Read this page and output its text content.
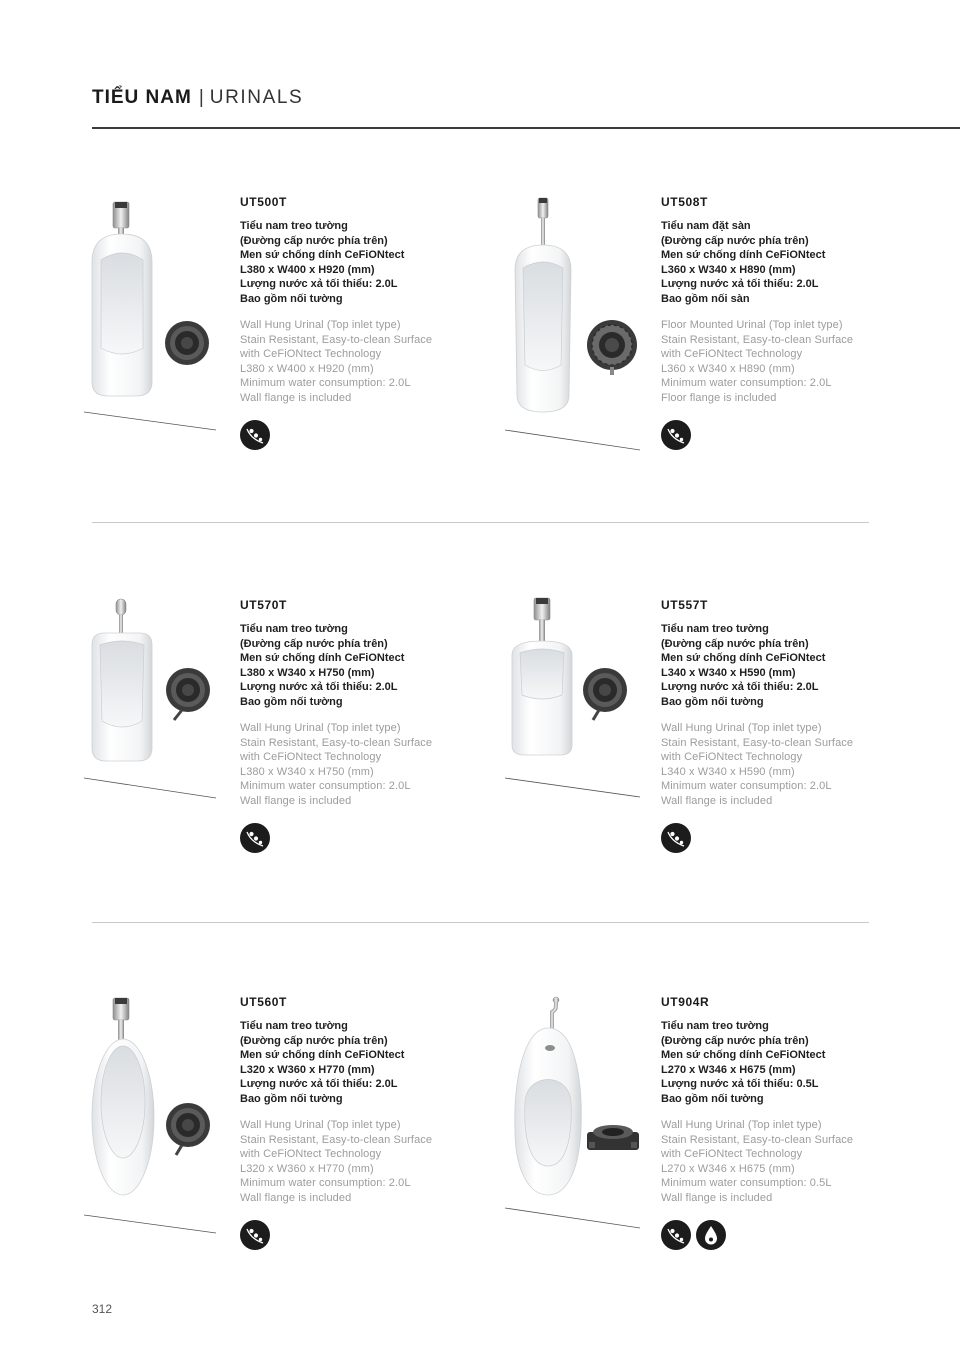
TIỂU NAM | URINALS
UT500T
Tiểu nam treo tường
(Đường cấp nước phía trên)
Men sứ chống dính CeFiONtect
L380 x W400 x H920 (mm)
Lượng nước xả tối thiểu: 2.0L
Bao gồm nối tường
Wall Hung Urinal (Top inlet type)
Stain Resistant, Easy-to-clean Surface
with CeFiONtect Technology
L380 x W400 x H920 (mm)
Minimum water consumption: 2.0L
Wall flange is included
UT508T
Tiểu nam đặt sàn
(Đường cấp nước phía trên)
Men sứ chống dính CeFiONtect
L360 x W340 x H890 (mm)
Lượng nước xả tối thiểu: 2.0L
Bao gồm nối sàn
Floor Mounted Urinal (Top inlet type)
Stain Resistant, Easy-to-clean Surface
with CeFiONtect Technology
L360 x W340 x H890 (mm)
Minimum water consumption: 2.0L
Floor flange is included
UT570T
Tiểu nam treo tường
(Đường cấp nước phía trên)
Men sứ chống dính CeFiONtect
L380 x W340 x H750 (mm)
Lượng nước xả tối thiểu: 2.0L
Bao gồm nối tường
Wall Hung Urinal (Top inlet type)
Stain Resistant, Easy-to-clean Surface
with CeFiONtect Technology
L380 x W340 x H750 (mm)
Minimum water consumption: 2.0L
Wall flange is included
UT557T
Tiểu nam treo tường
(Đường cấp nước phía trên)
Men sứ chống dính CeFiONtect
L340 x W340 x H590 (mm)
Lượng nước xả tối thiểu: 2.0L
Bao gồm nối tường
Wall Hung Urinal (Top inlet type)
Stain Resistant, Easy-to-clean Surface
with CeFiONtect Technology
L340 x W340 x H590 (mm)
Minimum water consumption: 2.0L
Wall flange is included
UT560T
Tiểu nam treo tường
(Đường cấp nước phía trên)
Men sứ chống dính CeFiONtect
L320 x W360 x H770 (mm)
Lượng nước xả tối thiểu: 2.0L
Bao gồm nối tường
Wall Hung Urinal (Top inlet type)
Stain Resistant, Easy-to-clean Surface
with CeFiONtect Technology
L320 x W360 x H770 (mm)
Minimum water consumption: 2.0L
Wall flange is included
UT904R
Tiểu nam treo tường
(Đường cấp nước phía trên)
Men sứ chống dính CeFiONtect
L270 x W346 x H675 (mm)
Lượng nước xả tối thiểu: 0.5L
Bao gồm nối tường
Wall Hung Urinal (Top inlet type)
Stain Resistant, Easy-to-clean Surface
with CeFiONtect Technology
L270 x W346 x H675 (mm)
Minimum water consumption: 0.5L
Wall flange is included
312
